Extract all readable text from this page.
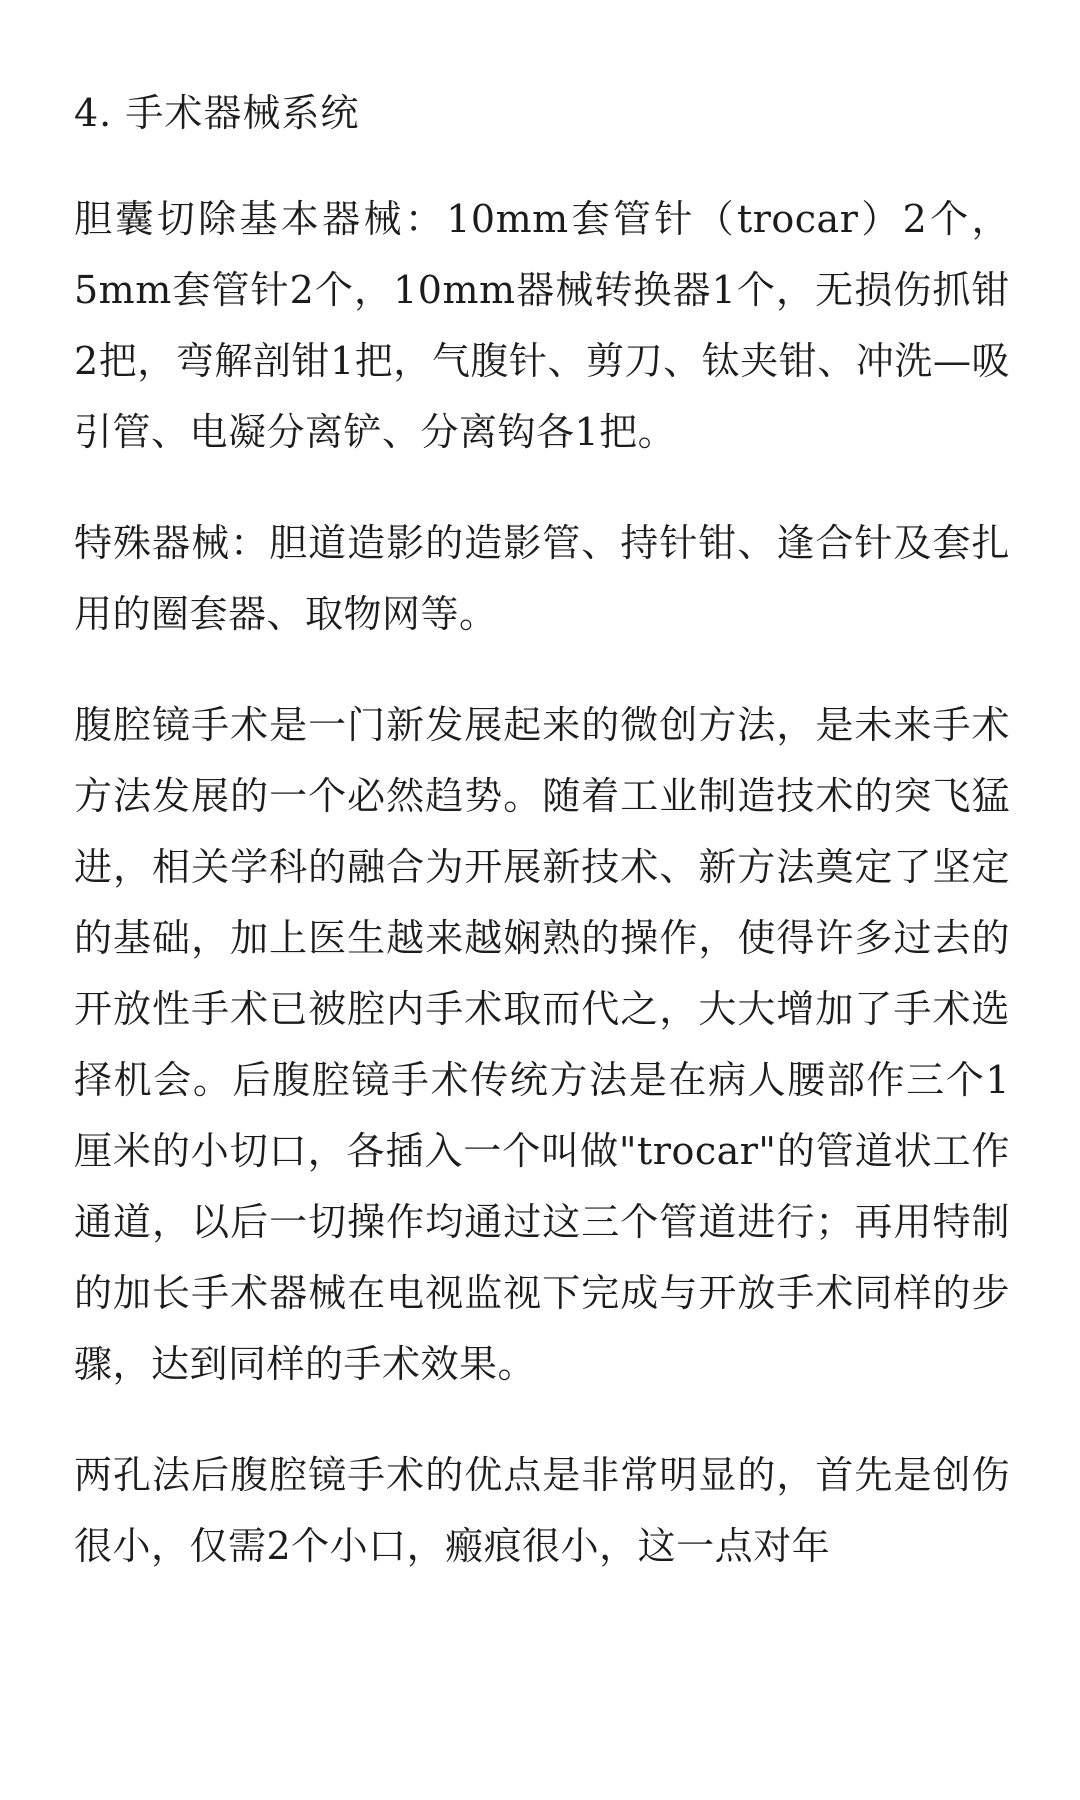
4. 手术器械系统

胆囊切除基本器械：10mm套管针（trocar）2个，5mm套管针2个，10mm器械转换器1个，无损伤抓钳2把，弯解剖钳1把，气腹针、剪刀、钛夹钳、冲洗—吸引管、电凝分离铲、分离钩各1把。

特殊器械：胆道造影的造影管、持针钳、逢合针及套扎用的圈套器、取物网等。

腹腔镜手术是一门新发展起来的微创方法，是未来手术方法发展的一个必然趋势。随着工业制造技术的突飞猛进，相关学科的融合为开展新技术、新方法奠定了坚定的基础，加上医生越来越娴熟的操作，使得许多过去的开放性手术已被腔内手术取而代之，大大增加了手术选择机会。后腹腔镜手术传统方法是在病人腰部作三个1厘米的小切口，各插入一个叫做"trocar"的管道状工作通道，以后一切操作均通过这三个管道进行；再用特制的加长手术器械在电视监视下完成与开放手术同样的步骤，达到同样的手术效果。

两孔法后腹腔镜手术的优点是非常明显的，首先是创伤很小，仅需2个小口，瘢痕很小，这一点对年
